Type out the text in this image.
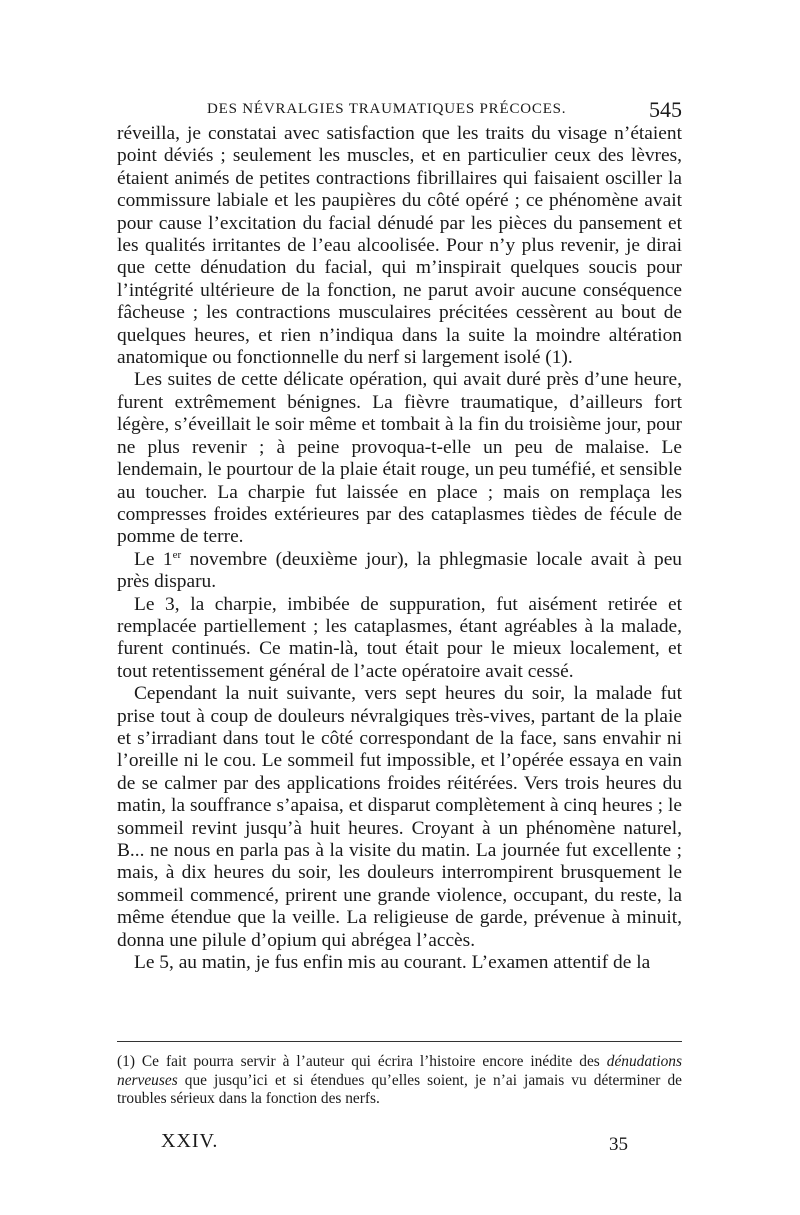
DES NÉVRALGIES TRAUMATIQUES PRÉCOCES.	545

réveilla, je constatai avec satisfaction que les traits du visage n’étaient point déviés ; seulement les muscles, et en particulier ceux des lèvres, étaient animés de petites contractions fibrillaires qui faisaient osciller la commissure labiale et les paupières du côté opéré ; ce phénomène avait pour cause l’excitation du facial dénudé par les pièces du pansement et les qualités irritantes de l’eau alcoolisée. Pour n’y plus revenir, je dirai que cette dénudation du facial, qui m’inspirait quelques soucis pour l’intégrité ultérieure de la fonction, ne parut avoir aucune conséquence fâcheuse ; les contractions musculaires précitées cessèrent au bout de quelques heures, et rien n’indiqua dans la suite la moindre altération anatomique ou fonctionnelle du nerf si largement isolé (1).

Les suites de cette délicate opération, qui avait duré près d’une heure, furent extrêmement bénignes. La fièvre traumatique, d’ailleurs fort légère, s’éveillait le soir même et tombait à la fin du troisième jour, pour ne plus revenir ; à peine provoqua-t-elle un peu de malaise. Le lendemain, le pourtour de la plaie était rouge, un peu tuméfié, et sensible au toucher. La charpie fut laissée en place ; mais on remplaça les compresses froides extérieures par des cataplasmes tièdes de fécule de pomme de terre.

Le 1er novembre (deuxième jour), la phlegmasie locale avait à peu près disparu.

Le 3, la charpie, imbibée de suppuration, fut aisément retirée et remplacée partiellement ; les cataplasmes, étant agréables à la malade, furent continués. Ce matin-là, tout était pour le mieux localement, et tout retentissement général de l’acte opératoire avait cessé.

Cependant la nuit suivante, vers sept heures du soir, la malade fut prise tout à coup de douleurs névralgiques très-vives, partant de la plaie et s’irradiant dans tout le côté correspondant de la face, sans envahir ni l’oreille ni le cou. Le sommeil fut impossible, et l’opérée essaya en vain de se calmer par des applications froides réitérées. Vers trois heures du matin, la souffrance s’apaisa, et disparut complètement à cinq heures ; le sommeil revint jusqu’à huit heures. Croyant à un phénomène naturel, B... ne nous en parla pas à la visite du matin. La journée fut excellente ; mais, à dix heures du soir, les douleurs interrompirent brusquement le sommeil commencé, prirent une grande violence, occupant, du reste, la même étendue que la veille. La religieuse de garde, prévenue à minuit, donna une pilule d’opium qui abrégea l’accès.

Le 5, au matin, je fus enfin mis au courant. L’examen attentif de la

(1) Ce fait pourra servir à l’auteur qui écrira l’histoire encore inédite des dénudations nerveuses que jusqu’ici et si étendues qu’elles soient, je n’ai jamais vu déterminer de troubles sérieux dans la fonction des nerfs.
XXIV.	35
